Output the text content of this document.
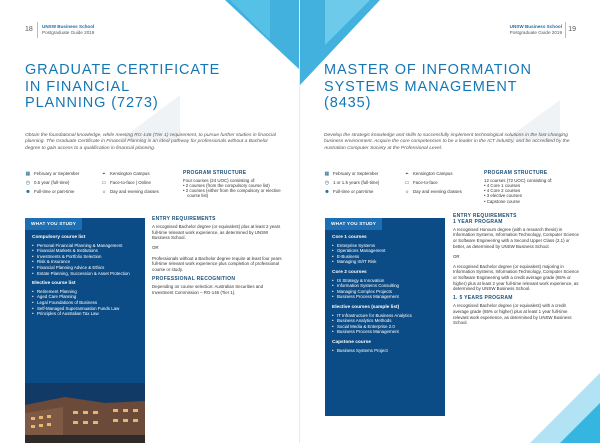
18 UNSW Business School
Postgraduate Guide 2019
GRADUATE CERTIFICATE
IN FINANCIAL
PLANNING (7273)

Obtain the foundational knowledge, while meeting RG-146 (Tier 1) requirement, to pursue further studies in financial planning. The Graduate Certificate in Financial Planning is an ideal pathway for professionals without a Bachelor degree to gain access to a qualification in financial planning.

▦ February or September
◷ 0.5 year (full-time)
☻ Full-time or part-time
⌖	Kensington Campus
▭ Face-to-face | Online
☼ Day and evening classes
PROGRAM STRUCTURE
Four courses (24 UOC) consisting of:
• 2 courses (from the compulsory course list)
• 2 courses (either from the compulsory or elective course list)
WHAT YOU STUDY
Compulsory course list
• Personal Financial Planning & Management
• Financial Markets & Institutions
• Investments & Portfolio Selection
• Risk & Insurance
• Financial Planning Advice & Ethics
• Estate Planning, Succession & Asset Protection
Elective course list
• Retirement Planning
• Aged Care Planning
• Legal Foundations of Business
• Self-Managed Superannuation Funds Law
• Principles of Australian Tax Law
ENTRY REQUIREMENTS

A recognised Bachelor degree (or equivalent) plus at least 2 years full-time relevant work experience, as determined by UNSW Business School.

OR

Professionals without a Bachelor degree require at least four years full-time relevant work experience plus completion of professional course or study.

PROFESSIONAL RECOGNITION

Depending on course selection: Australian Securities and Investment Commission – RG-146 (Tier 1).

19
UNSW Business School
Postgraduate Guide 2019
MASTER OF INFORMATION
SYSTEMS MANAGEMENT
(8435)

Develop the strategic knowledge and skills to successfully implement technological solutions in the fast-changing business environment. Acquire the core competencies to be a leader in the ICT industry, and be accredited by the Australian Computer Society at the Professional Level.

▦ February or September
◷ 1 or 1.5 years (full-time)
☻ Full-time or part-time
⌖	Kensington Campus
▭ Face-to-face
☼ Day and evening classes
PROGRAM STRUCTURE
12 courses (72 UOC) consisting of:
• 4 Core 1 courses
• 4 Core 2 courses
• 3 elective courses
• Capstone course
WHAT YOU STUDY
Core 1 courses
• Enterprise Systems
• Operations Management
• E-Business
• Managing IS/IT Risk
Core 2 courses
• IS Strategy & Innovation
• Information Systems Consulting
• Managing Complex Projects
• Business Process Management
Elective courses (sample list)
• IT Infrastructure for Business Analytics
• Business Analytics Methods
• Social Media & Enterprise 2.0
• Business Process Management
Capstone course
• Business Systems Project
ENTRY REQUIREMENTS
1 YEAR PROGRAM

A recognised Honours degree (with a research thesis) in Information Systems, Information Technology, Computer Science or Software Engineering with a Second Upper Class (2.1) or better, as determined by UNSW Business School.

OR

A recognised Bachelor degree (or equivalent) majoring in Information Systems, Information Technology, Computer Science or Software Engineering with a credit average grade (65% or higher) plus at least 2 year full-time relevant work experience, as determined by UNSW Business School.

1. 5 YEARS PROGRAM

A recognised Bachelor degree (or equivalent) with a credit average grade (65% or higher) plus at least 1 year full-time relevant work experience, as determined by UNSW Business School.
